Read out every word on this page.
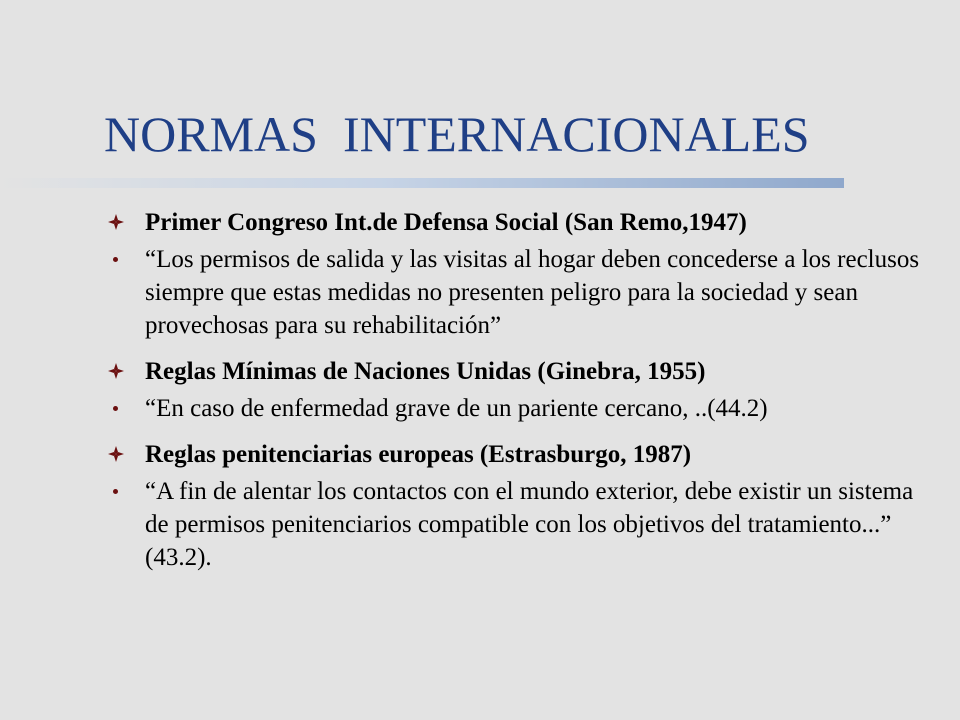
NORMAS  INTERNACIONALES
Primer Congreso Int.de Defensa Social (San Remo,1947)
“Los permisos de salida y las visitas al hogar deben concederse a los reclusos siempre que estas medidas no presenten peligro para la sociedad y sean provechosas para su rehabilitación”
Reglas Mínimas de Naciones Unidas (Ginebra, 1955)
“En caso de enfermedad grave de un pariente cercano, ..(44.2)
Reglas penitenciarias europeas (Estrasburgo, 1987)
“A fin de alentar los contactos con el mundo exterior, debe existir un sistema de permisos penitenciarios compatible con los objetivos del tratamiento...” (43.2).
